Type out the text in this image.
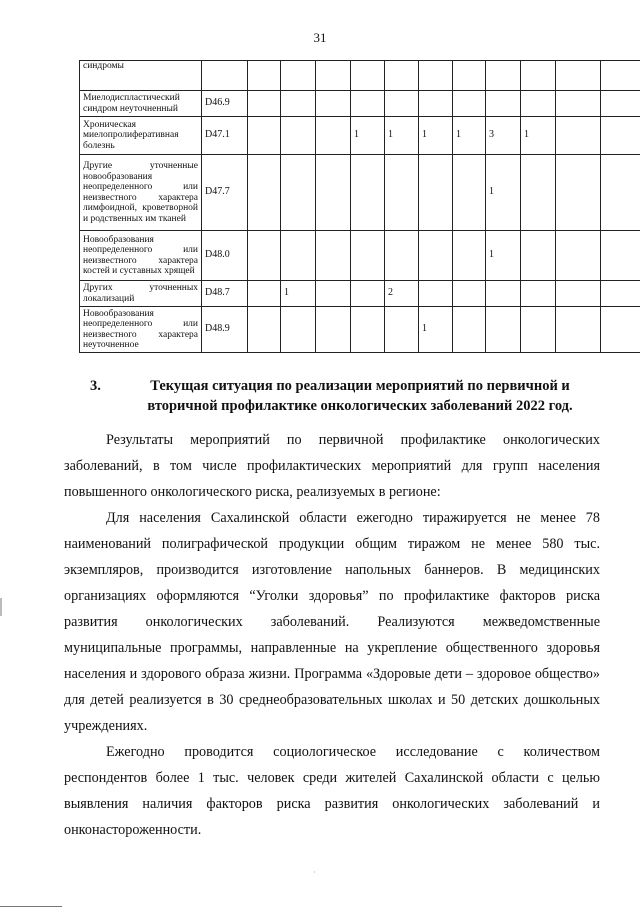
31
синдромы												
Миелодиспластический синдром неуточненный	D46.9											
Хроническая миелопролиферативная болезнь	D47.1				1	1	1	1	3	1		
Другие уточненные новообразования неопределенного или неизвестного характера лимфоидной, кроветворной и родственных им тканей	D47.7								1			
Новообразования неопределенного или неизвестного характера костей и суставных хрящей	D48.0								1			
Других уточненных локализаций	D48.7		1			2						
Новообразования неопределенного или неизвестного характера неуточненное	D48.9						1					
3.	Текущая ситуация по реализации мероприятий по первичной и вторичной профилактике онкологических заболеваний 2022 год.
Результаты мероприятий по первичной профилактике онкологических заболеваний, в том числе профилактических мероприятий для групп населения повышенного онкологического риска, реализуемых в регионе:
Для населения Сахалинской области ежегодно тиражируется не менее 78 наименований полиграфической продукции общим тиражом не менее 580 тыс. экземпляров, производится изготовление напольных баннеров. В медицинских организациях оформляются “Уголки здоровья” по профилактике факторов риска развития онкологических заболеваний. Реализуются межведомственные муниципальные программы, направленные на укрепление общественного здоровья населения и здорового образа жизни. Программа «Здоровые дети – здоровое общество» для детей реализуется в 30 среднеобразовательных школах и 50 детских дошкольных учреждениях.
Ежегодно проводится социологическое исследование с количеством респондентов более 1 тыс. человек среди жителей Сахалинской области с целью выявления наличия факторов риска развития онкологических заболеваний и онконастороженности.
·
